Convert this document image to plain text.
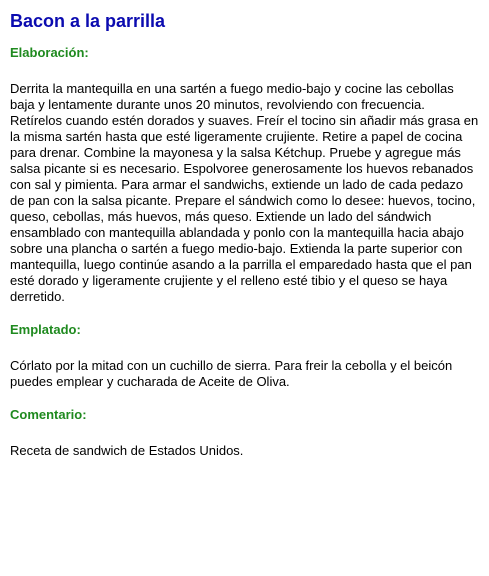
Bacon a la parrilla
Elaboración:

Derrita la mantequilla en una sartén a fuego medio-bajo y cocine las cebollas baja y lentamente durante unos 20 minutos, revolviendo con frecuencia. Retírelos cuando estén dorados y suaves. Freír el tocino sin añadir más grasa en la misma sartén hasta que esté ligeramente crujiente. Retire a papel de cocina para drenar. Combine la mayonesa y la salsa Kétchup. Pruebe y agregue más salsa picante si es necesario. Espolvoree generosamente los huevos rebanados con sal y pimienta. Para armar el sandwichs, extiende un lado de cada pedazo de pan con la salsa picante. Prepare el sándwich como lo desee: huevos, tocino, queso, cebollas, más huevos, más queso. Extiende un lado del sándwich ensamblado con mantequilla ablandada y ponlo con la mantequilla hacia abajo sobre una plancha o sartén a fuego medio-bajo. Extienda la parte superior con mantequilla, luego continúe asando a la parrilla el emparedado hasta que el pan esté dorado y ligeramente crujiente y el relleno esté tibio y el queso se haya derretido.

Emplatado:

Córlato por la mitad con un cuchillo de sierra. Para freir la cebolla y el beicón puedes emplear y cucharada de Aceite de Oliva.

Comentario:

Receta de sandwich de Estados Unidos.
